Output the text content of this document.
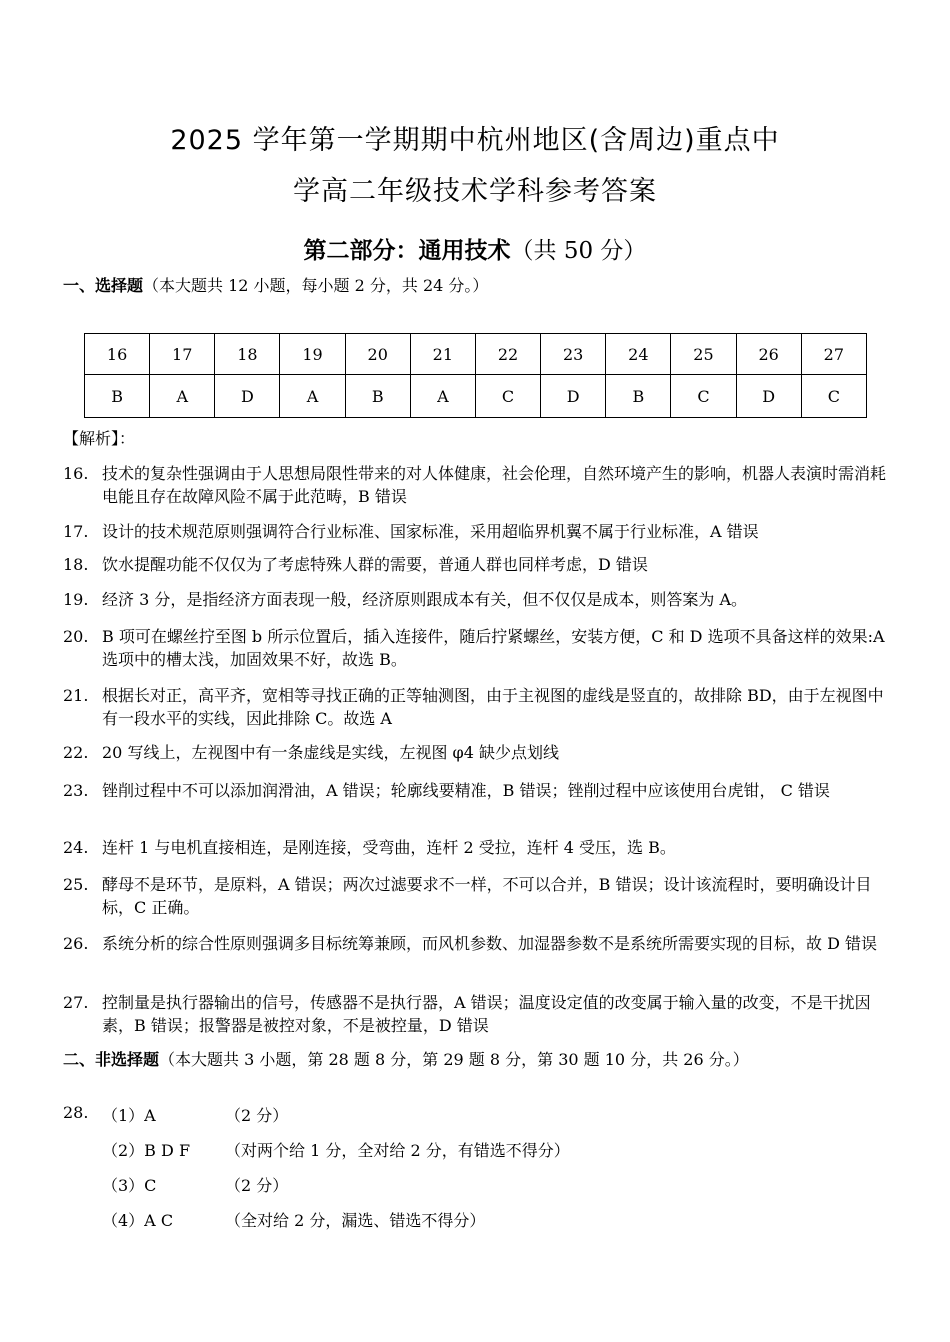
2025 学年第一学期期中杭州地区(含周边)重点中
学高二年级技术学科参考答案
第二部分：通用技术（共 50 分）
一、选择题（本大题共 12 小题，每小题 2 分，共 24 分。）
16	17	18	19	20	21	22	23	24	25	26	27
B	A	D	A	B	A	C	D	B	C	D	C
【解析】：
16. 技术的复杂性强调由于人思想局限性带来的对人体健康，社会伦理，自然环境产生的影响，机器人表演时需消耗电能且存在故障风险不属于此范畴，B 错误
17. 设计的技术规范原则强调符合行业标准、国家标准，采用超临界机翼不属于行业标准，A 错误
18. 饮水提醒功能不仅仅为了考虑特殊人群的需要，普通人群也同样考虑，D 错误
19. 经济 3 分，是指经济方面表现一般，经济原则跟成本有关，但不仅仅是成本，则答案为 A。
20. B 项可在螺丝拧至图 b 所示位置后，插入连接件，随后拧紧螺丝，安装方便，C 和 D 选项不具备这样的效果:A 选项中的槽太浅，加固效果不好，故选 B。
21. 根据长对正，高平齐，宽相等寻找正确的正等轴测图，由于主视图的虚线是竖直的，故排除 BD，由于左视图中有一段水平的实线，因此排除 C。故选 A
22. 20 写线上，左视图中有一条虚线是实线，左视图 φ4 缺少点划线
23. 锉削过程中不可以添加润滑油，A 错误；轮廓线要精准，B 错误；锉削过程中应该使用台虎钳， C 错误
24. 连杆 1 与电机直接相连，是刚连接，受弯曲，连杆 2 受拉，连杆 4 受压，选 B。
25. 酵母不是环节，是原料，A 错误；两次过滤要求不一样，不可以合并，B 错误；设计该流程时，要明确设计目标，C 正确。
26. 系统分析的综合性原则强调多目标统筹兼顾，而风机参数、加湿器参数不是系统所需要实现的目标，故 D 错误
27. 控制量是执行器输出的信号，传感器不是执行器，A 错误；温度设定值的改变属于输入量的改变，不是干扰因素，B 错误；报警器是被控对象，不是被控量，D 错误
二、非选择题（本大题共 3 小题，第 28 题 8 分，第 29 题 8 分，第 30 题 10 分，共 26 分。）
28. （1）A	（2 分）
（2）B D F （对两个给 1 分，全对给 2 分，有错选不得分）
（3）C	（2 分）
（4）A C	（全对给 2 分，漏选、错选不得分）
